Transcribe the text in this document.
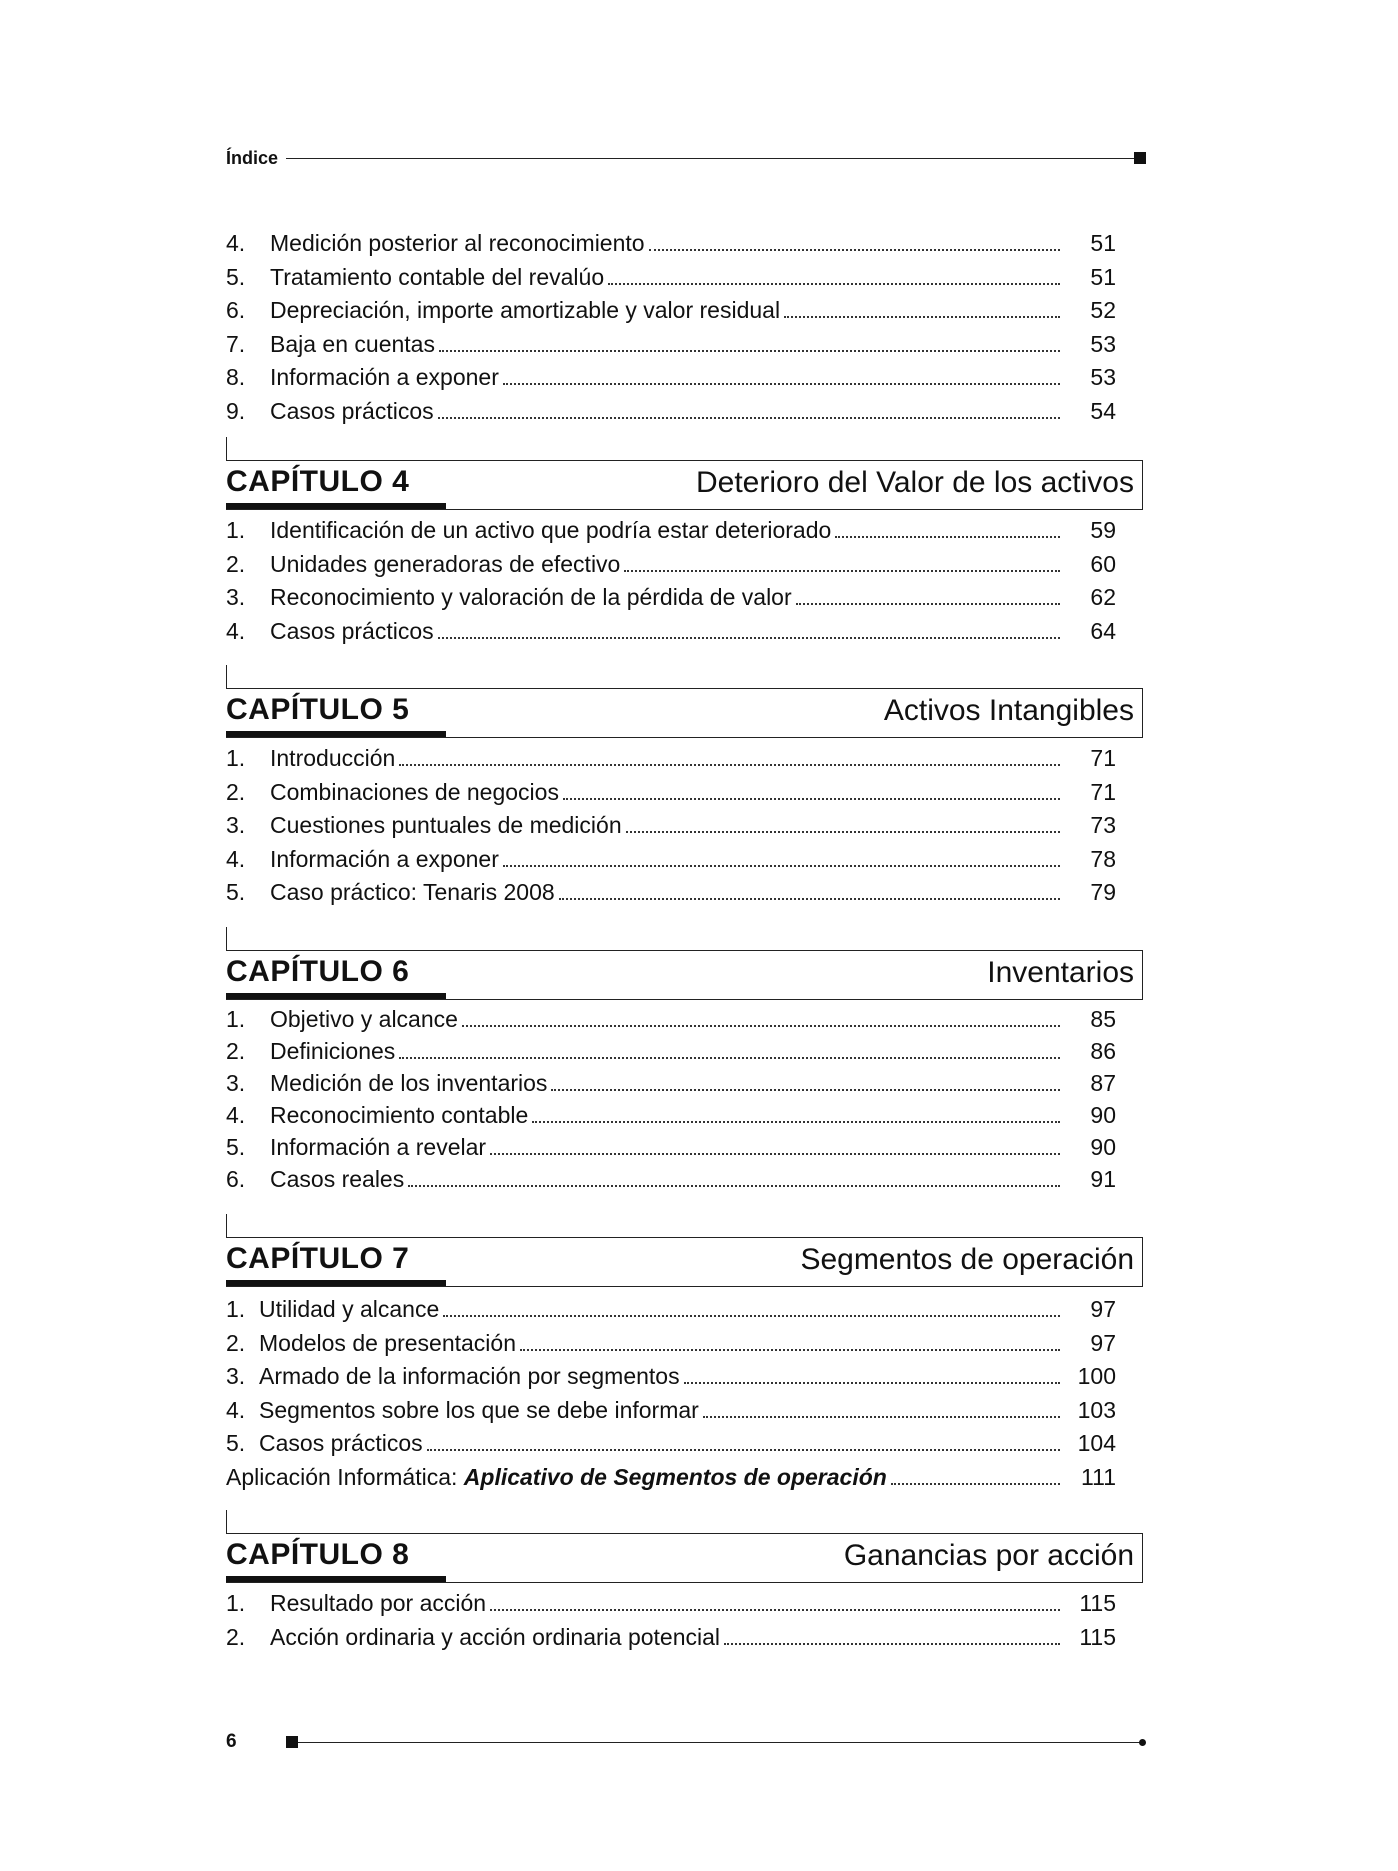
Índice
4.	Medición posterior al reconocimiento	51
5.	Tratamiento contable del revalúo	51
6.	Depreciación, importe amortizable y valor residual	52
7.	Baja en cuentas	53
8.	Información a exponer	53
9.	Casos prácticos	54
CAPÍTULO 4	Deterioro del Valor de los activos
1.	Identificación de un activo que podría estar deteriorado	59
2.	Unidades generadoras de efectivo	60
3.	Reconocimiento y valoración de la pérdida de valor	62
4.	Casos prácticos	64
CAPÍTULO 5	Activos Intangibles
1.	Introducción	71
2.	Combinaciones de negocios	71
3.	Cuestiones puntuales de medición	73
4.	Información a exponer	78
5.	Caso práctico: Tenaris 2008	79
CAPÍTULO 6	Inventarios
1.	Objetivo y alcance	85
2.	Definiciones	86
3.	Medición de los inventarios	87
4.	Reconocimiento contable	90
5.	Información a revelar	90
6.	Casos reales	91
CAPÍTULO 7	Segmentos de operación
1. Utilidad y alcance	97
2. Modelos de presentación	97
3. Armado de la información por segmentos	100
4. Segmentos sobre los que se debe informar	103
5. Casos prácticos	104
Aplicación Informática: Aplicativo de Segmentos de operación	111
CAPÍTULO 8	Ganancias por acción
1.	Resultado por acción	115
2.	Acción ordinaria y acción ordinaria potencial	115
6
